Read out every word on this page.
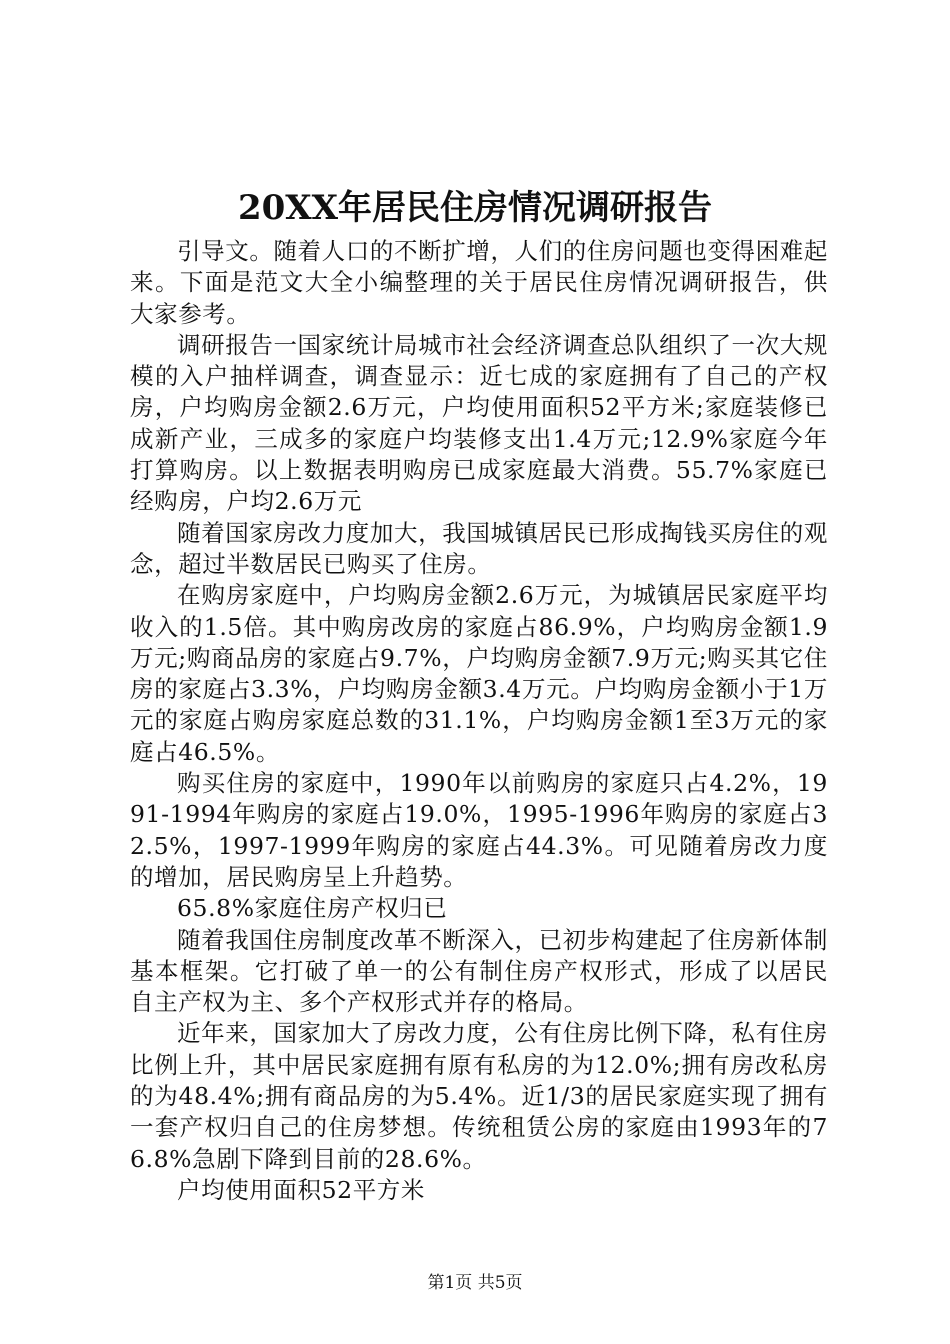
20XX年居民住房情况调研报告

引导文。随着人口的不断扩增，人们的住房问题也变得困难起来。下面是范文大全小编整理的关于居民住房情况调研报告，供大家参考。

调研报告一国家统计局城市社会经济调查总队组织了一次大规模的入户抽样调查，调查显示：近七成的家庭拥有了自己的产权房，户均购房金额2.6万元，户均使用面积52平方米;家庭装修已成新产业，三成多的家庭户均装修支出1.4万元;12.9%家庭今年打算购房。以上数据表明购房已成家庭最大消费。55.7%家庭已经购房，户均2.6万元

随着国家房改力度加大，我国城镇居民已形成掏钱买房住的观念，超过半数居民已购买了住房。

在购房家庭中，户均购房金额2.6万元，为城镇居民家庭平均收入的1.5倍。其中购房改房的家庭占86.9%，户均购房金额1.9万元;购商品房的家庭占9.7%，户均购房金额7.9万元;购买其它住房的家庭占3.3%，户均购房金额3.4万元。户均购房金额小于1万元的家庭占购房家庭总数的31.1%，户均购房金额1至3万元的家庭占46.5%。

购买住房的家庭中，1990年以前购房的家庭只占4.2%，1991-1994年购房的家庭占19.0%，1995-1996年购房的家庭占32.5%，1997-1999年购房的家庭占44.3%。可见随着房改力度的增加，居民购房呈上升趋势。

65.8%家庭住房产权归已

随着我国住房制度改革不断深入，已初步构建起了住房新体制基本框架。它打破了单一的公有制住房产权形式，形成了以居民自主产权为主、多个产权形式并存的格局。

近年来，国家加大了房改力度，公有住房比例下降，私有住房比例上升，其中居民家庭拥有原有私房的为12.0%;拥有房改私房的为48.4%;拥有商品房的为5.4%。近1/3的居民家庭实现了拥有一套产权归自己的住房梦想。传统租赁公房的家庭由1993年的76.8%急剧下降到目前的28.6%。

户均使用面积52平方米

第1页 共5页
